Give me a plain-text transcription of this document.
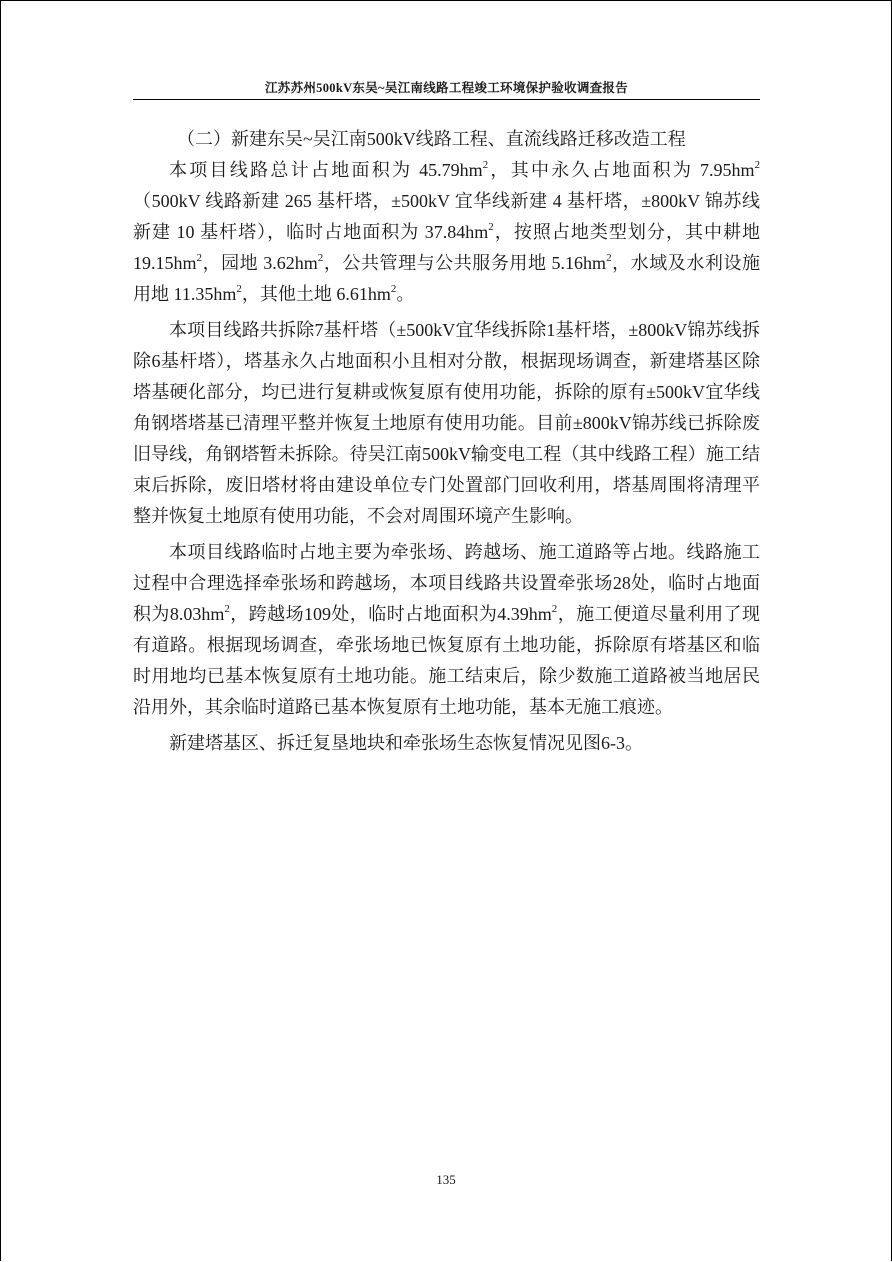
江苏苏州500kV东吴~吴江南线路工程竣工环境保护验收调查报告
（二）新建东吴~吴江南500kV线路工程、直流线路迁移改造工程

本项目线路总计占地面积为 $45.79hm^2$，其中永久占地面积为 $7.95hm^2(500kV$ 线路新建 265 基杆塔，±500kV 宜华线新建 4 基杆塔，±800kV 锦苏线新建 10 基杆塔），临时占地面积为 $37.84hm^2$，按照占地类型划分，其中耕地 $19.15hm^2$，园地 $3.62hm^2$，公共管理与公共服务用地 $5.16hm^2$，水域及水利设施用地 $11.35hm^2$，其他土地 $6.61hm^2$。

本项目线路共拆除7基杆塔（±500kV宜华线拆除1基杆塔，±800kV锦苏线拆除6基杆塔），塔基永久占地面积小且相对分散，根据现场调查，新建塔基区除塔基硬化部分，均已进行复耕或恢复原有使用功能，拆除的原有±500kV宜华线角钢塔塔基已清理平整并恢复土地原有使用功能。目前±800kV锦苏线已拆除废旧导线，角钢塔暂未拆除。待吴江南500kV输变电工程（其中线路工程）施工结束后拆除，废旧塔材将由建设单位专门处置部门回收利用，塔基周围将清理平整并恢复土地原有使用功能，不会对周围环境产生影响。

本项目线路临时占地主要为牵张场、跨越场、施工道路等占地。线路施工过程中合理选择牵张场和跨越场，本项目线路共设置牵张场28处，临时占地面积为$8.03hm^2$，跨越场109处，临时占地面积为$4.39hm^2$，施工便道尽量利用了现有道路。根据现场调查，牵张场地已恢复原有土地功能，拆除原有塔基区和临时用地均已基本恢复原有土地功能。施工结束后，除少数施工道路被当地居民沿用外，其余临时道路已基本恢复原有土地功能，基本无施工痕迹。

新建塔基区、拆迁复垦地块和牵张场生态恢复情况见图6-3。

135
